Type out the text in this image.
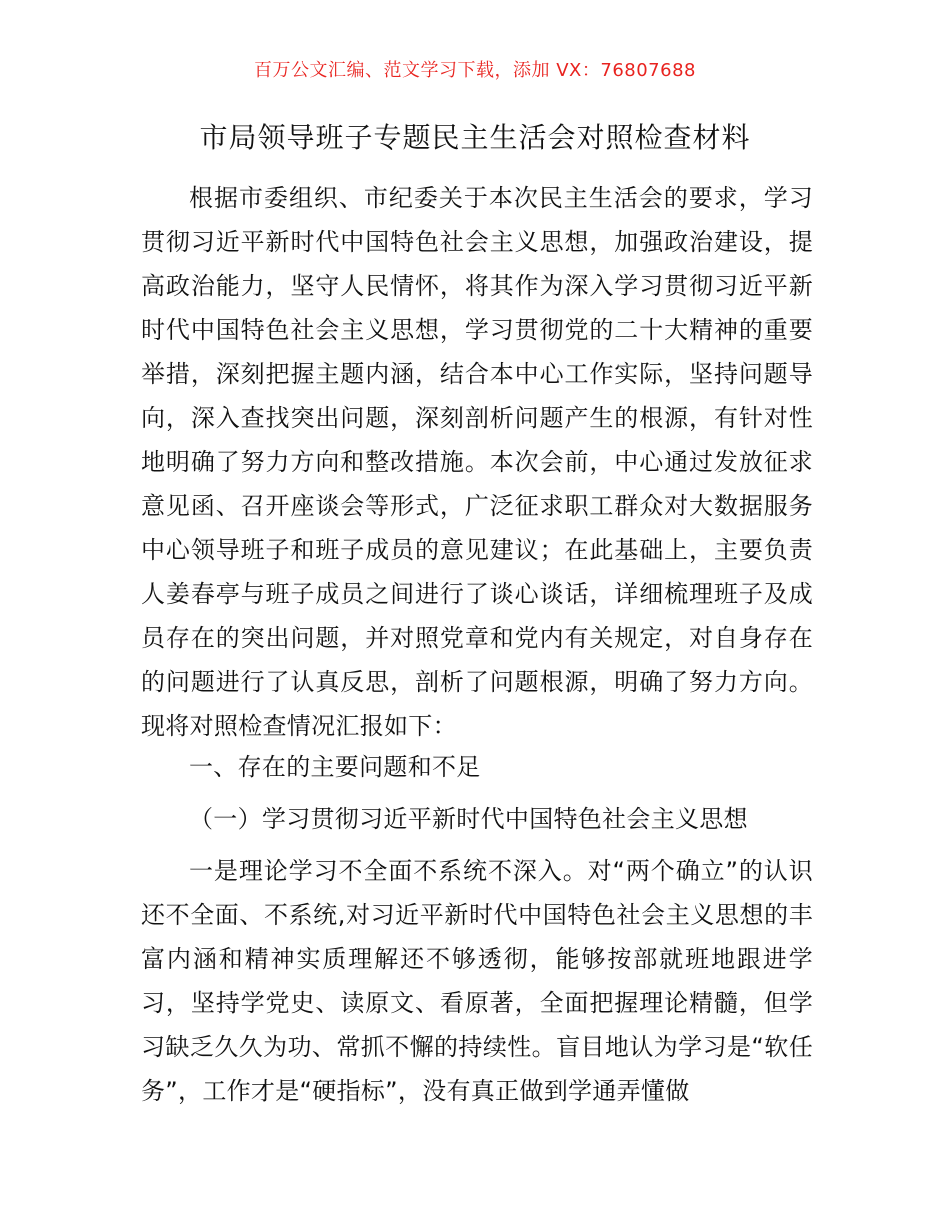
百万公文汇编、范文学习下载，添加 VX：76807688
市局领导班子专题民主生活会对照检查材料
根据市委组织、市纪委关于本次民主生活会的要求，学习贯彻习近平新时代中国特色社会主义思想，加强政治建设，提高政治能力，坚守人民情怀，将其作为深入学习贯彻习近平新时代中国特色社会主义思想，学习贯彻党的二十大精神的重要举措，深刻把握主题内涵，结合本中心工作实际，坚持问题导向，深入查找突出问题，深刻剖析问题产生的根源，有针对性地明确了努力方向和整改措施。本次会前，中心通过发放征求意见函、召开座谈会等形式，广泛征求职工群众对大数据服务中心领导班子和班子成员的意见建议；在此基础上，主要负责人姜春亭与班子成员之间进行了谈心谈话，详细梳理班子及成员存在的突出问题，并对照党章和党内有关规定，对自身存在的问题进行了认真反思，剖析了问题根源，明确了努力方向。现将对照检查情况汇报如下：
一、存在的主要问题和不足
（一）学习贯彻习近平新时代中国特色社会主义思想
一是理论学习不全面不系统不深入。对“两个确立”的认识还不全面、不系统,对习近平新时代中国特色社会主义思想的丰富内涵和精神实质理解还不够透彻，能够按部就班地跟进学习，坚持学党史、读原文、看原著，全面把握理论精髓，但学习缺乏久久为功、常抓不懈的持续性。盲目地认为学习是“软任务”，工作才是“硬指标”，没有真正做到学通弄懂做
